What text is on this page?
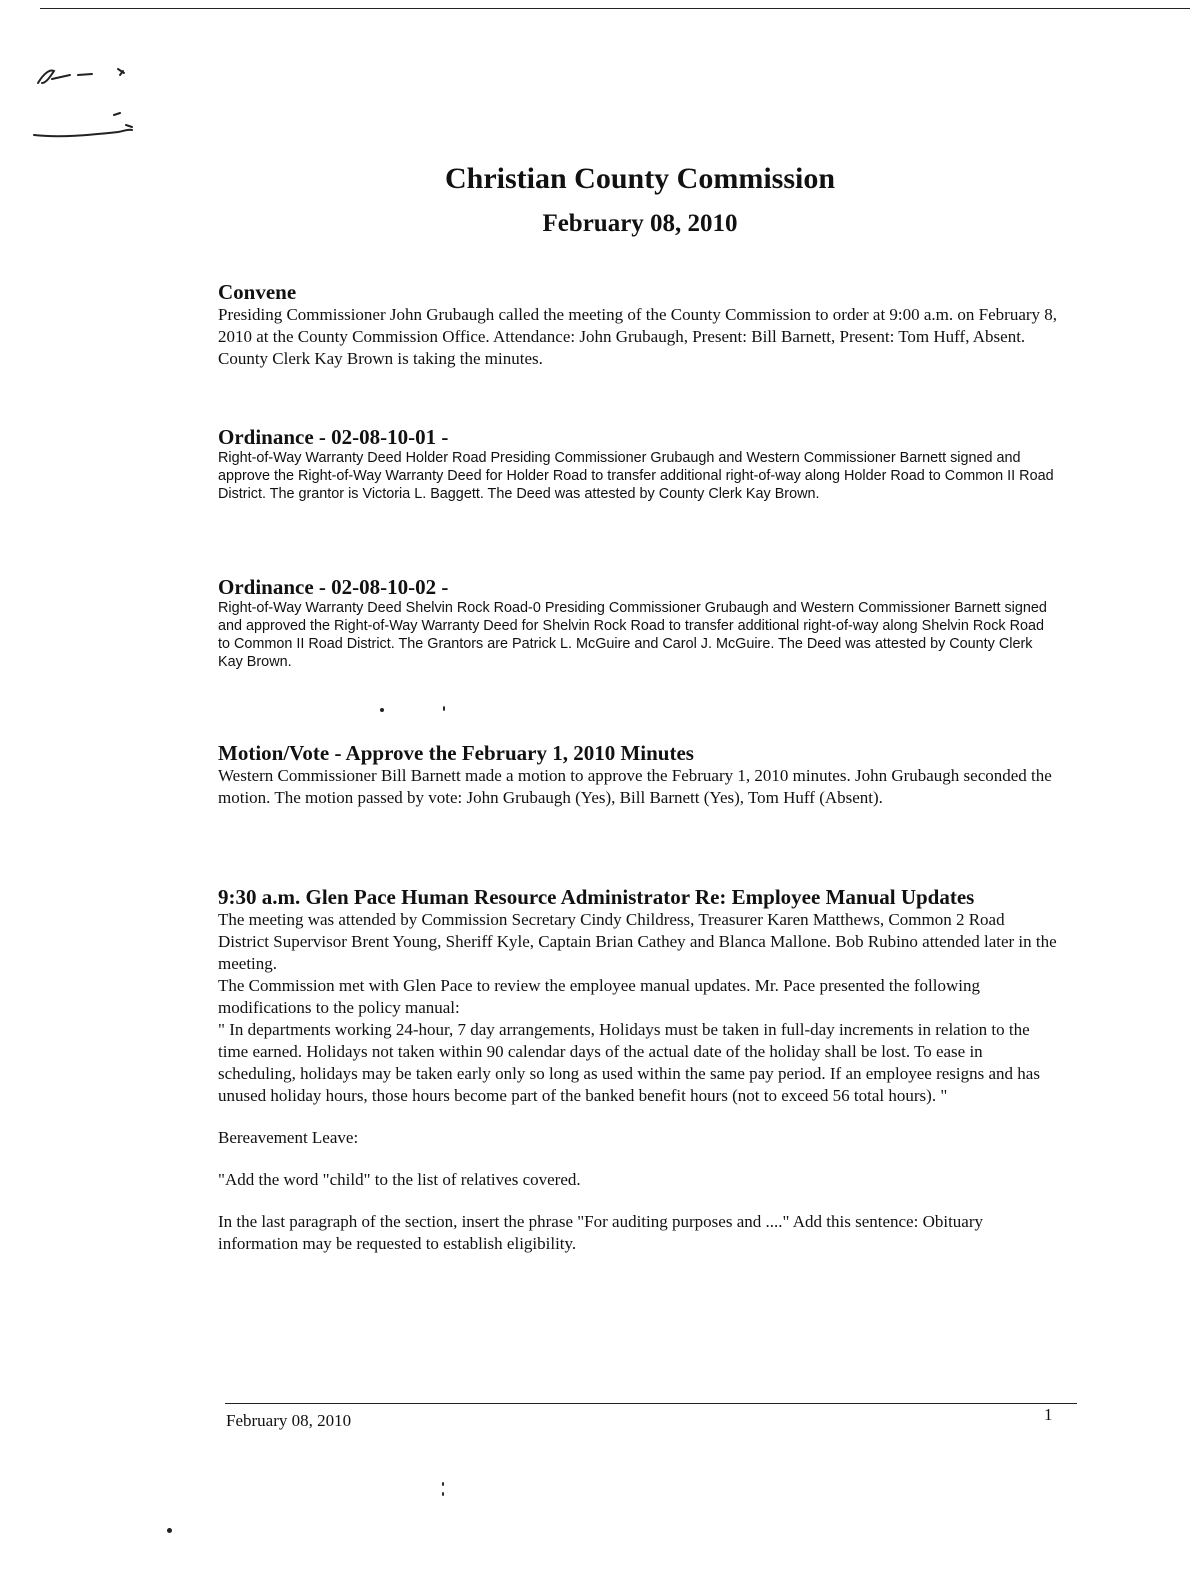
Christian County Commission
February 08, 2010
Convene

Presiding Commissioner John Grubaugh called the meeting of the County Commission to order at 9:00 a.m. on February 8, 2010 at the County Commission Office. Attendance: John Grubaugh, Present: Bill Barnett, Present: Tom Huff, Absent. County Clerk Kay Brown is taking the minutes.

Ordinance - 02-08-10-01 -

Right-of-Way Warranty Deed Holder Road Presiding Commissioner Grubaugh and Western Commissioner Barnett signed and approve the Right-of-Way Warranty Deed for Holder Road to transfer additional right-of-way along Holder Road to Common II Road District. The grantor is Victoria L. Baggett. The Deed was attested by County Clerk Kay Brown.

Ordinance - 02-08-10-02 -

Right-of-Way Warranty Deed Shelvin Rock Road-0 Presiding Commissioner Grubaugh and Western Commissioner Barnett signed and approved the Right-of-Way Warranty Deed for Shelvin Rock Road to transfer additional right-of-way along Shelvin Rock Road to Common II Road District. The Grantors are Patrick L. McGuire and Carol J. McGuire. The Deed was attested by County Clerk Kay Brown.

Motion/Vote - Approve the February 1, 2010 Minutes

Western Commissioner Bill Barnett made a motion to approve the February 1, 2010 minutes. John Grubaugh seconded the motion. The motion passed by vote: John Grubaugh (Yes), Bill Barnett (Yes), Tom Huff (Absent).

9:30 a.m. Glen Pace Human Resource Administrator Re: Employee Manual Updates

The meeting was attended by Commission Secretary Cindy Childress, Treasurer Karen Matthews, Common 2 Road District Supervisor Brent Young, Sheriff Kyle, Captain Brian Cathey and Blanca Mallone. Bob Rubino attended later in the meeting.

The Commission met with Glen Pace to review the employee manual updates. Mr. Pace presented the following modifications to the policy manual:

" In departments working 24-hour, 7 day arrangements, Holidays must be taken in full-day increments in relation to the time earned. Holidays not taken within 90 calendar days of the actual date of the holiday shall be lost. To ease in scheduling, holidays may be taken early only so long as used within the same pay period. If an employee resigns and has unused holiday hours, those hours become part of the banked benefit hours (not to exceed 56 total hours). "

Bereavement Leave:

"Add the word "child" to the list of relatives covered.

In the last paragraph of the section, insert the phrase "For auditing purposes and ...." Add this sentence: Obituary information may be requested to establish eligibility.

February 08, 2010	1
